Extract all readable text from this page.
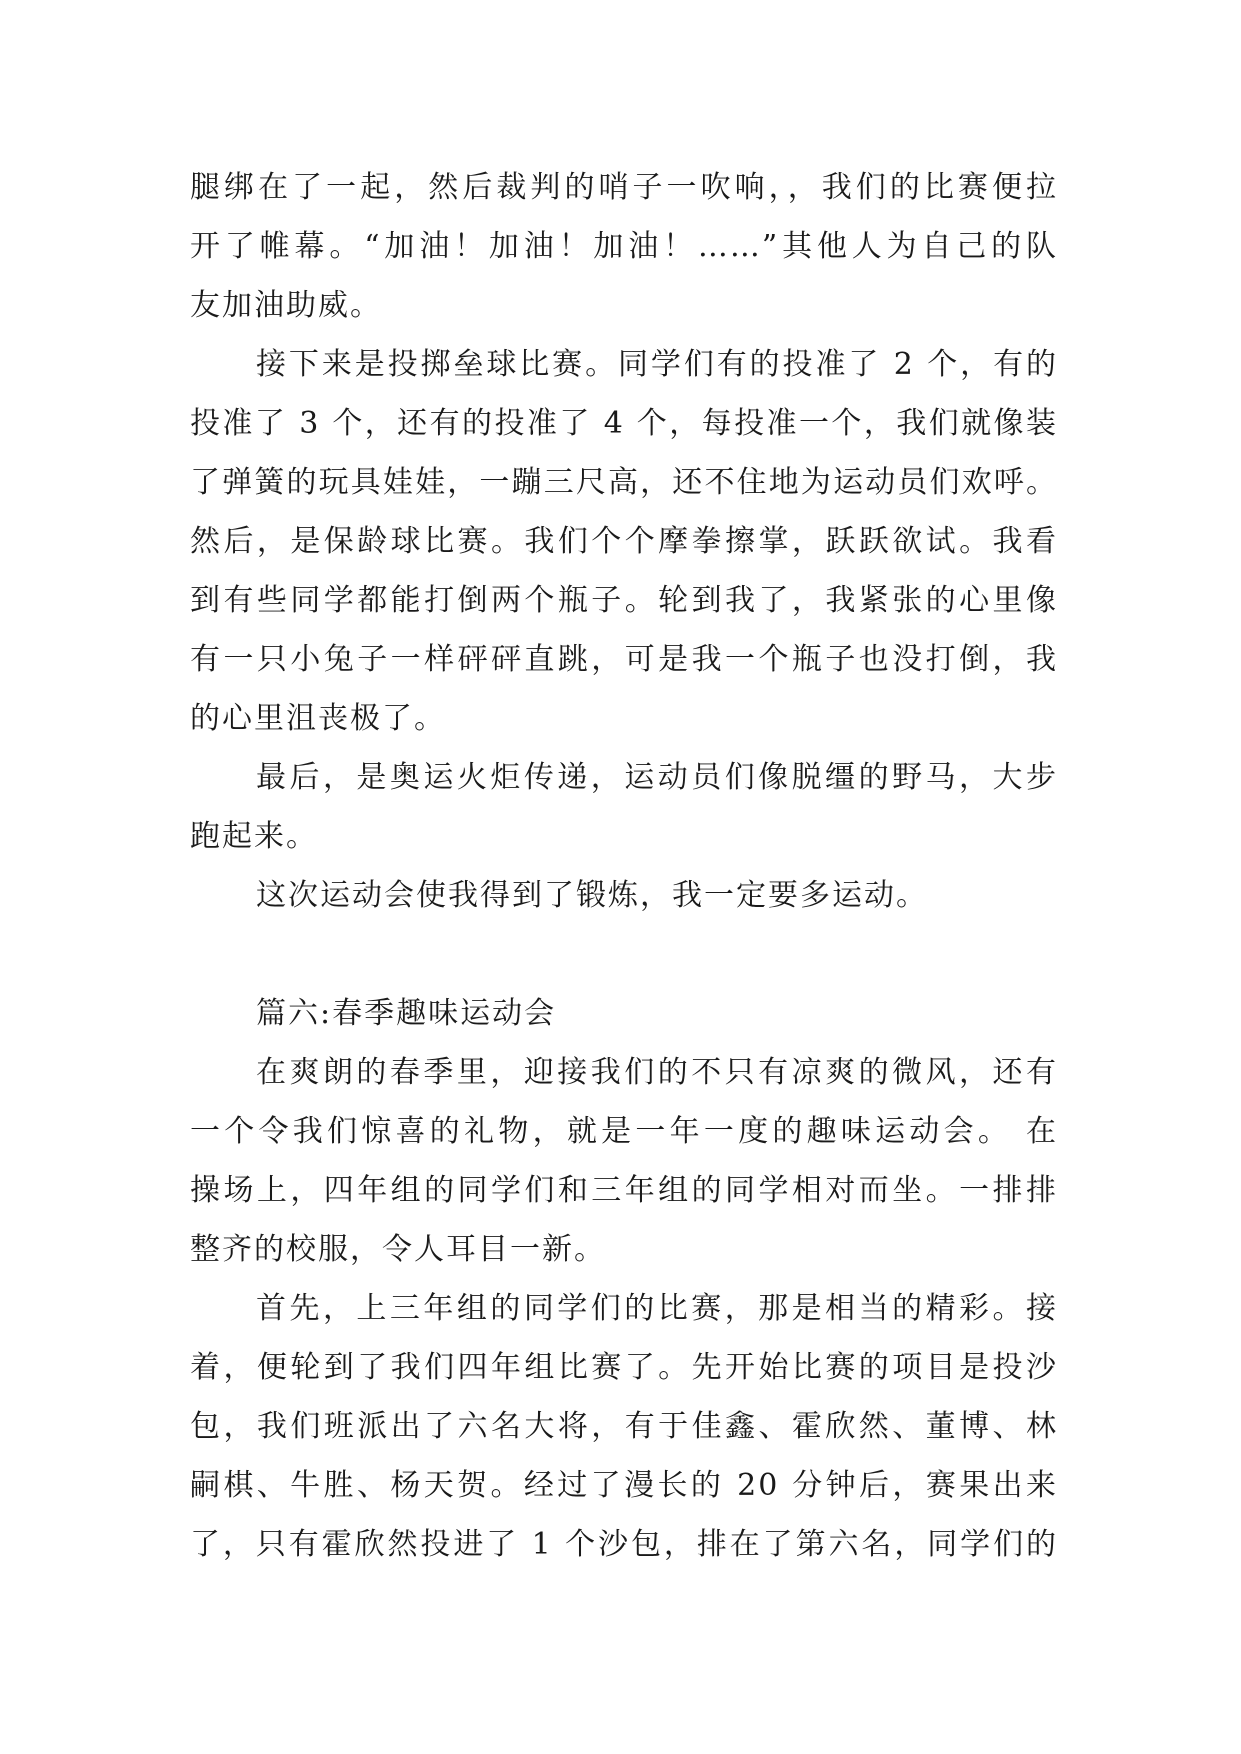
腿绑在了一起，然后裁判的哨子一吹响，，我们的比赛便拉
开了帷幕。“加油！加油！加油！……”其他人为自己的队
友加油助威。
接下来是投掷垒球比赛。同学们有的投准了 2 个，有的
投准了 3 个，还有的投准了 4 个，每投准一个，我们就像装
了弹簧的玩具娃娃，一蹦三尺高，还不住地为运动员们欢呼。
然后，是保龄球比赛。我们个个摩拳擦掌，跃跃欲试。我看
到有些同学都能打倒两个瓶子。轮到我了，我紧张的心里像
有一只小兔子一样砰砰直跳，可是我一个瓶子也没打倒，我
的心里沮丧极了。
最后，是奥运火炬传递，运动员们像脱缰的野马，大步
跑起来。
这次运动会使我得到了锻炼，我一定要多运动。
篇六:春季趣味运动会
在爽朗的春季里，迎接我们的不只有凉爽的微风，还有
一个令我们惊喜的礼物，就是一年一度的趣味运动会。 在
操场上，四年组的同学们和三年组的同学相对而坐。一排排
整齐的校服，令人耳目一新。
首先，上三年组的同学们的比赛，那是相当的精彩。接
着，便轮到了我们四年组比赛了。先开始比赛的项目是投沙
包，我们班派出了六名大将，有于佳鑫、霍欣然、董博、林
嗣棋、牛胜、杨天贺。经过了漫长的 20 分钟后，赛果出来
了，只有霍欣然投进了 1 个沙包，排在了第六名，同学们的
